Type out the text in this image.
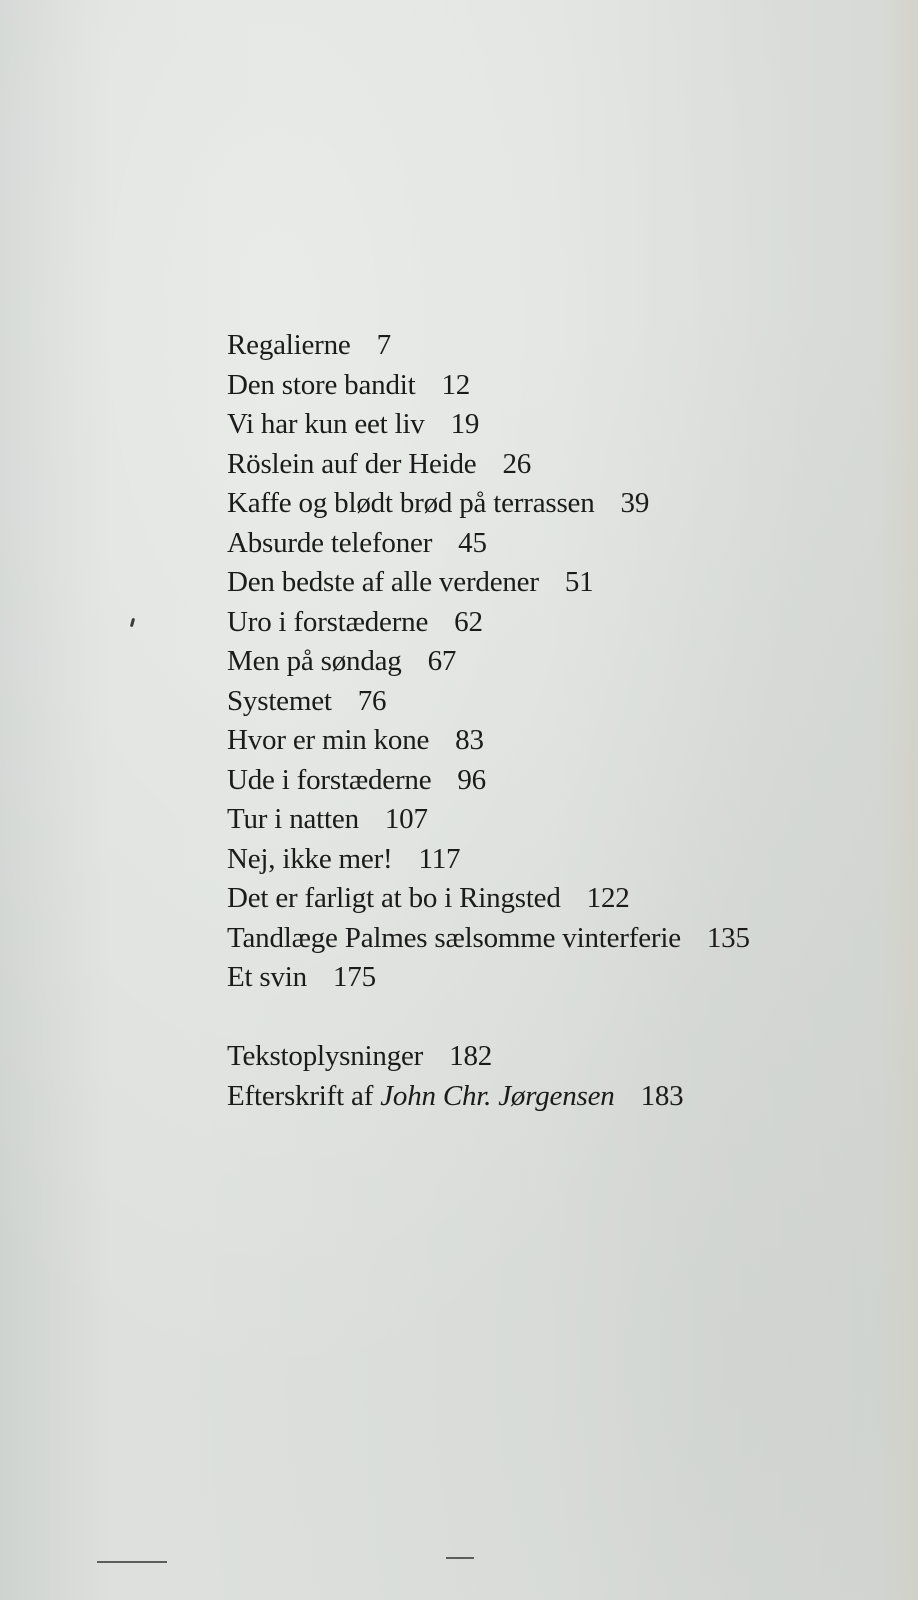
Regalierne 7
Den store bandit 12
Vi har kun eet liv 19
Röslein auf der Heide 26
Kaffe og blødt brød på terrassen 39
Absurde telefoner 45
Den bedste af alle verdener 51
Uro i forstæderne 62
Men på søndag 67
Systemet 76
Hvor er min kone 83
Ude i forstæderne 96
Tur i natten 107
Nej, ikke mer! 117
Det er farligt at bo i Ringsted 122
Tandlæge Palmes sælsomme vinterferie 135
Et svin 175
Tekstoplysninger 182
Efterskrift af John Chr. Jørgensen 183
